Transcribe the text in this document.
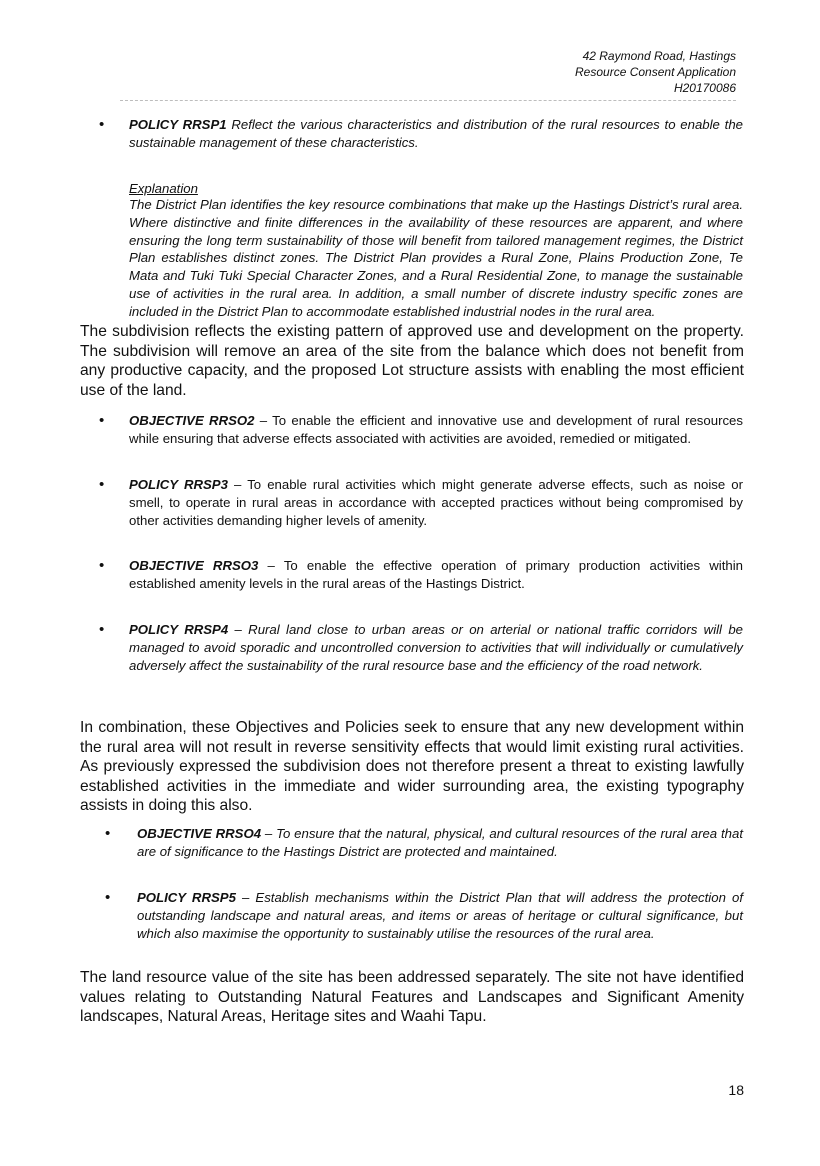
42 Raymond Road, Hastings
Resource Consent Application
H20170086
• POLICY RRSP1 Reflect the various characteristics and distribution of the rural resources to enable the sustainable management of these characteristics.
Explanation
The District Plan identifies the key resource combinations that make up the Hastings District’s rural area. Where distinctive and finite differences in the availability of these resources are apparent, and where ensuring the long term sustainability of those will benefit from tailored management regimes, the District Plan establishes distinct zones. The District Plan provides a Rural Zone, Plains Production Zone, Te Mata and Tuki Tuki Special Character Zones, and a Rural Residential Zone, to manage the sustainable use of activities in the rural area. In addition, a small number of discrete industry specific zones are included in the District Plan to accommodate established industrial nodes in the rural area.
The subdivision reflects the existing pattern of approved use and development on the property. The subdivision will remove an area of the site from the balance which does not benefit from any productive capacity, and the proposed Lot structure assists with enabling the most efficient use of the land.
• OBJECTIVE RRSO2 – To enable the efficient and innovative use and development of rural resources while ensuring that adverse effects associated with activities are avoided, remedied or mitigated.
• POLICY RRSP3 – To enable rural activities which might generate adverse effects, such as noise or smell, to operate in rural areas in accordance with accepted practices without being compromised by other activities demanding higher levels of amenity.
• OBJECTIVE RRSO3 – To enable the effective operation of primary production activities within established amenity levels in the rural areas of the Hastings District.
• POLICY RRSP4 – Rural land close to urban areas or on arterial or national traffic corridors will be managed to avoid sporadic and uncontrolled conversion to activities that will individually or cumulatively adversely affect the sustainability of the rural resource base and the efficiency of the road network.
In combination, these Objectives and Policies seek to ensure that any new development within the rural area will not result in reverse sensitivity effects that would limit existing rural activities. As previously expressed the subdivision does not therefore present a threat to existing lawfully established activities in the immediate and wider surrounding area, the existing typography assists in doing this also.
• OBJECTIVE RRSO4 – To ensure that the natural, physical, and cultural resources of the rural area that are of significance to the Hastings District are protected and maintained.
• POLICY RRSP5 – Establish mechanisms within the District Plan that will address the protection of outstanding landscape and natural areas, and items or areas of heritage or cultural significance, but which also maximise the opportunity to sustainably utilise the resources of the rural area.
The land resource value of the site has been addressed separately. The site not have identified values relating to Outstanding Natural Features and Landscapes and Significant Amenity landscapes, Natural Areas, Heritage sites and Waahi Tapu.
18
